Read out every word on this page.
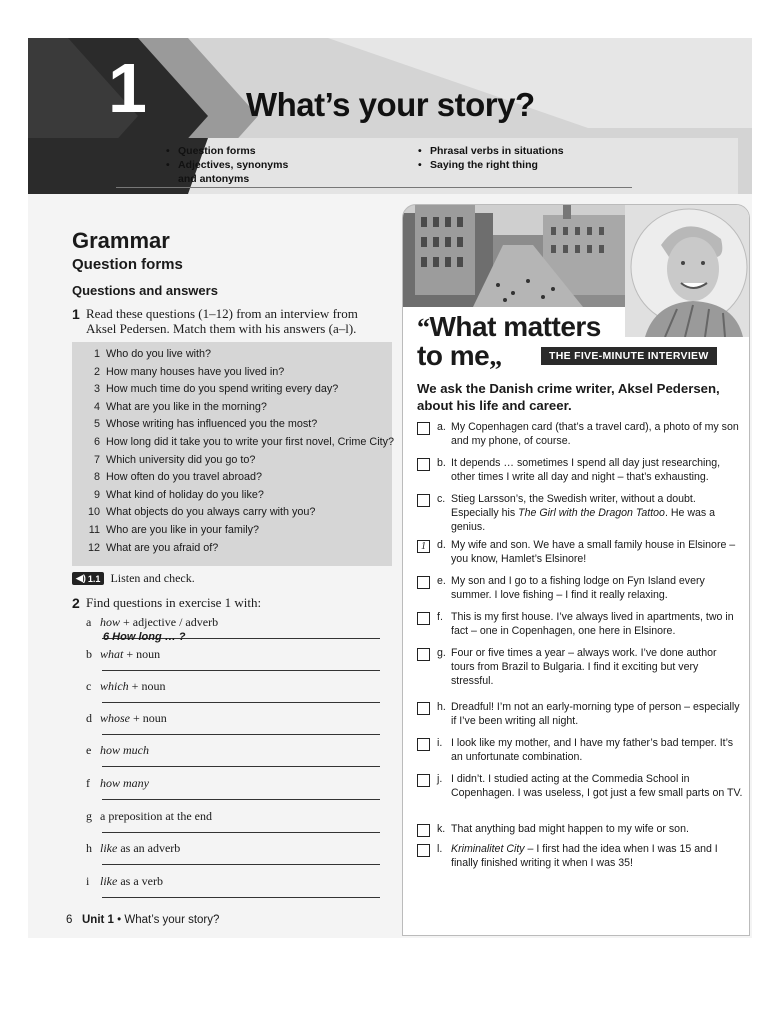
1	What’s your story?
• Question forms
• Adjectives, synonyms
and antonyms
• Phrasal verbs in situations
• Saying the right thing
Grammar
Question forms
Questions and answers
1 Read these questions (1–12) from an interview from
Aksel Pedersen. Match them with his answers (a–l).
1 Who do you live with?
2 How many houses have you lived in?
3 How much time do you spend writing every day?
4 What are you like in the morning?
5 Whose writing has influenced you the most?
6 How long did it take you to write your first novel, Crime City?
7 Which university did you go to?
8 How often do you travel abroad?
9 What kind of holiday do you like?
10 What objects do you always carry with you?
11 Who are you like in your family?
12 What are you afraid of?
◀) 1.1 Listen and check.
2 Find questions in exercise 1 with:
a how + adjective / adverb
b what + noun
c which + noun
d whose + noun
e how much
f how many
g a preposition at the end
h like as an adverb
i like as a verb
6 How long … ?
6 Unit 1 • What’s your story?
“What matters
to me„	THE FIVE-MINUTE INTERVIEW
We ask the Danish crime writer, Aksel Pedersen, about his life and career.
a. My Copenhagen card (that’s a travel card), a photo of my son and my phone, of course.
b. It depends … sometimes I spend all day just researching, other times I write all day and night – that’s exhausting.
c. Stieg Larsson’s, the Swedish writer, without a doubt. Especially his The Girl with the Dragon Tattoo. He was a genius.
1	d. My wife and son. We have a small family house in Elsinore – you know, Hamlet’s Elsinore!
e. My son and I go to a fishing lodge on Fyn Island every summer. I love fishing – I find it really relaxing.
f. This is my first house. I’ve always lived in apartments, two in fact – one in Copenhagen, one here in Elsinore.
g. Four or five times a year – always work. I’ve done author tours from Brazil to Bulgaria. I find it exciting but very stressful.
h. Dreadful! I’m not an early-morning type of person – especially if I’ve been writing all night.
i. I look like my mother, and I have my father’s bad temper. It’s an unfortunate combination.
j. I didn’t. I studied acting at the Commedia School in Copenhagen. I was useless, I got just a few small parts on TV.
k. That anything bad might happen to my wife or son.
l. Kriminalitet City – I first had the idea when I was 15 and I finally finished writing it when I was 35!
